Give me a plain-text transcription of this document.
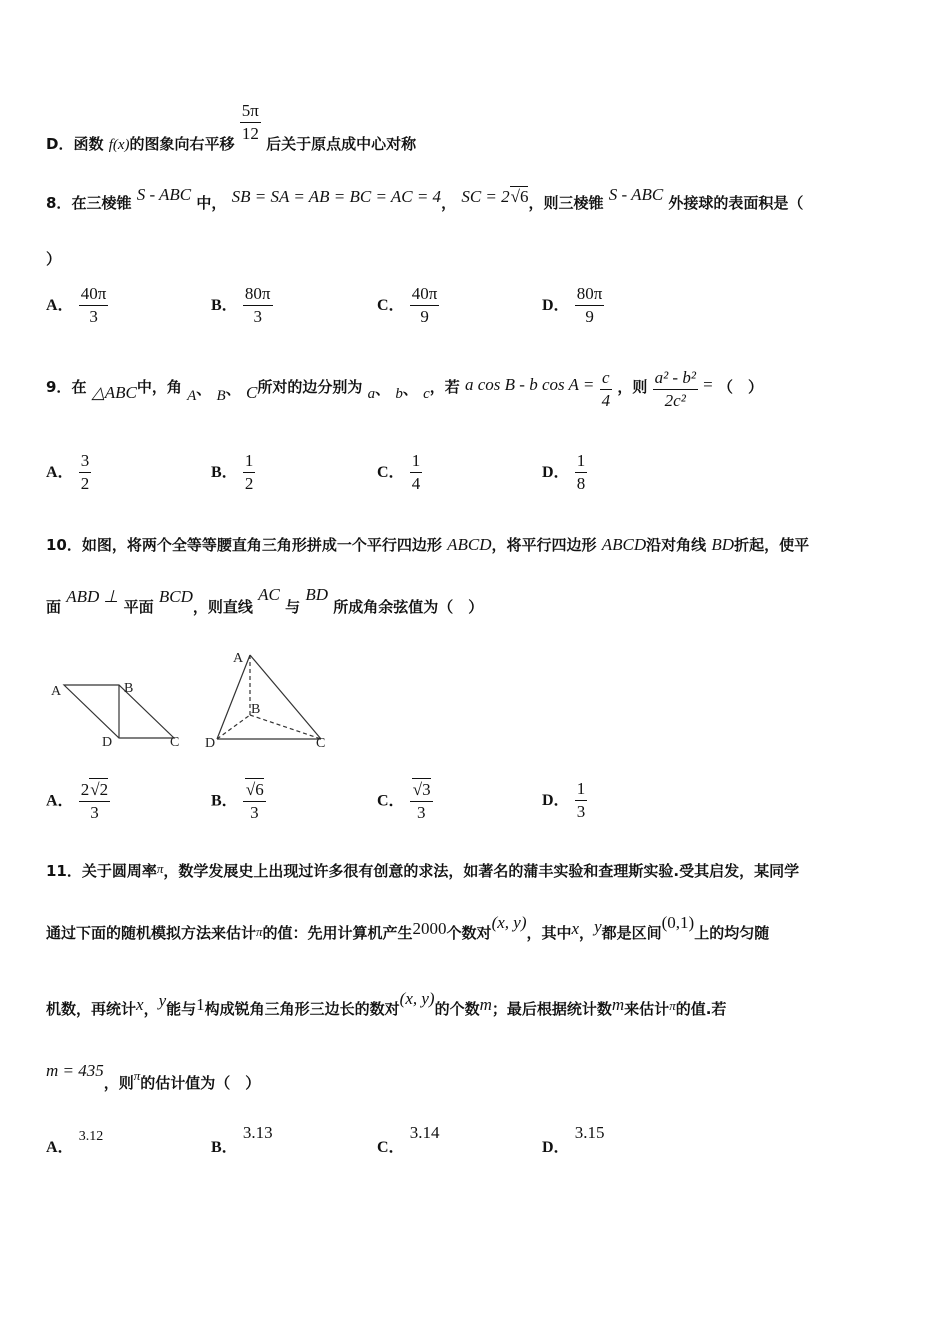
D．函数 f(x)的图象向右平移 $\frac{5\pi}{12}$ 后关于原点成中心对称
8．在三棱锥 S - ABC 中， SB = SA = AB = BC = AC = 4， SC = 2√6，则三棱锥 S - ABC 外接球的表面积是（
）
A． $\frac{40\pi}{3}$	B． $\frac{80\pi}{3}$	C． $\frac{40\pi}{9}$	D． $\frac{80\pi}{9}$
9．在 △ABC中，角 A、 B、 C所对的边分别为 a、 b、 c，若 a cos B - b $\cos A = \frac{c}{4}$ ，则 $\frac{\text{a² - b²}}{\text{2c²}}$ = （　）
A． $\frac{3}{2}$	B． $\frac{1}{2}$	C． $\frac{1}{4}$	D． $\frac{1}{8}$
10．如图，将两个全等等腰直角三角形拼成一个平行四边形 ABCD，将平行四边形 ABCD沿对角线 BD折起，使平
面 ABD ⊥ 平面 BCD，则直线 AC 与 BD 所成角余弦值为（　）
A	B
D	C
A
B
D	C
A． $\frac{2√2}{3}$	B． $\frac{√6}{3}$	C． $\frac{√3}{3}$	D． $\frac{1}{3}$
11．关于圆周率π，数学发展史上出现过许多很有创意的求法，如著名的蒲丰实验和查理斯实验.受其启发，某同学
通过下面的随机模拟方法来估计π的值：先用计算机产生2000个数对(x, y)，其中x，y都是区间(0,1)上的均匀随
机数，再统计x，y能与1构成锐角三角形三边长的数对(x, y)的个数m；最后根据统计数m来估计π的值.若
m = 435，则π的估计值为（　）
A． 3.12
B． 3.13
C． 3.14
D． 3.15
